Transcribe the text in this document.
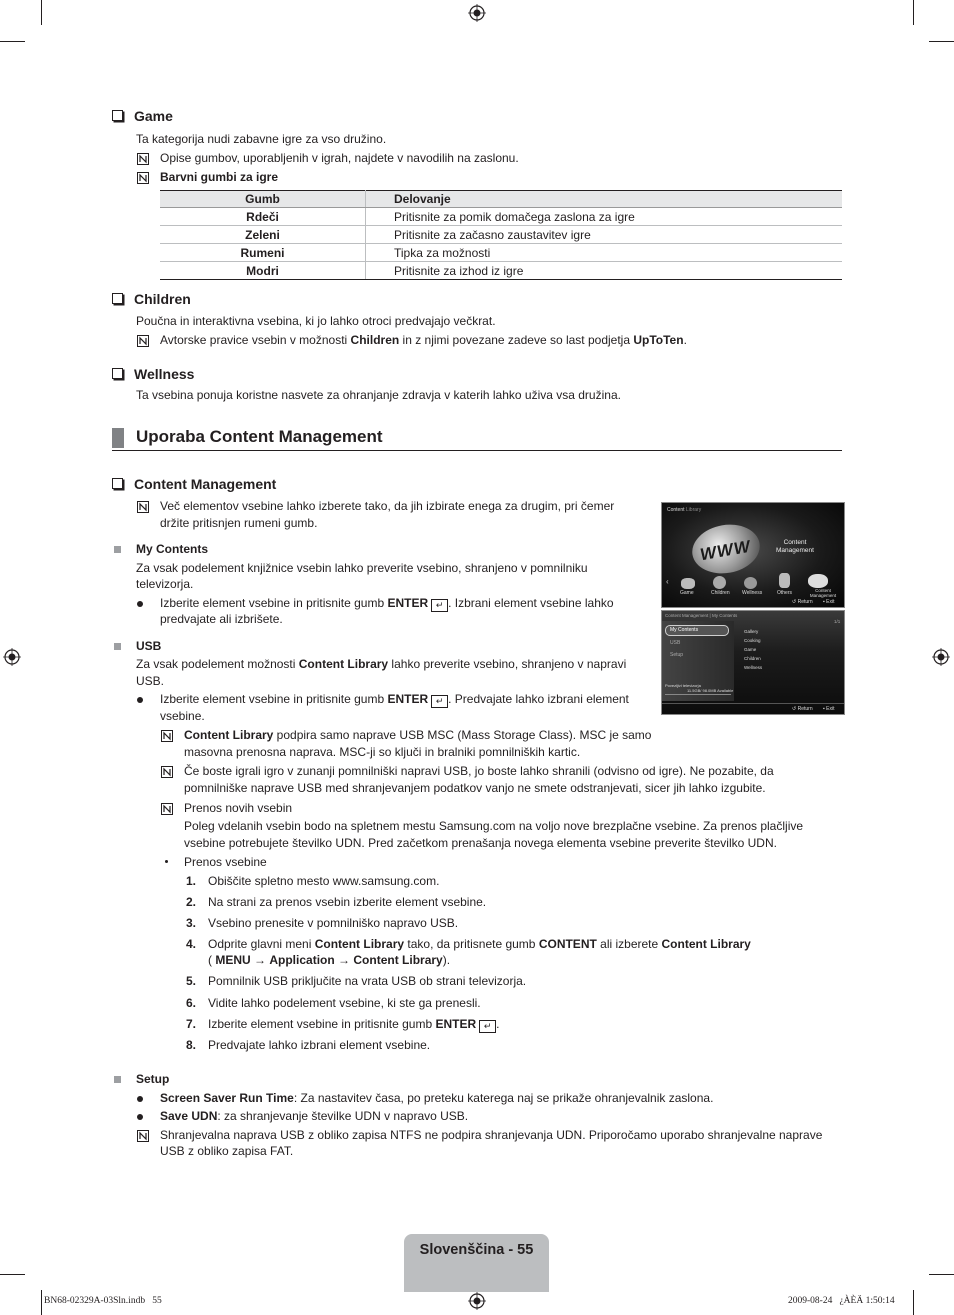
Game
Ta kategorija nudi zabavne igre za vso družino.
Opise gumbov, uporabljenih v igrah, najdete v navodilih na zaslonu.
Barvni gumbi za igre
Gumb	Delovanje
Rdeči	Pritisnite za pomik domačega zaslona za igre
Zeleni	Pritisnite za začasno zaustavitev igre
Rumeni	Tipka za možnosti
Modri	Pritisnite za izhod iz igre
Children
Poučna in interaktivna vsebina, ki jo lahko otroci predvajajo večkrat.
Avtorske pravice vsebin v možnosti Children in z njimi povezane zadeve so last podjetja UpToTen.
Wellness
Ta vsebina ponuja koristne nasvete za ohranjanje zdravja v katerih lahko uživa vsa družina.
Uporaba Content Management
Content Management
Več elementov vsebine lahko izberete tako, da jih izbirate enega za drugim, pri čemer
držite pritisnjen rumeni gumb.
My Contents
Za vsak podelement knjižnice vsebin lahko preverite vsebino, shranjeno v pomnilniku
televizorja.
Izberite element vsebine in pritisnite gumb ENTER ↵ . Izbrani element vsebine lahko
predvajate ali izbrišete.
USB
Za vsak podelement možnosti Content Library lahko preverite vsebino, shranjeno v napravi
USB.
Izberite element vsebine in pritisnite gumb ENTER ↵ . Predvajate lahko izbrani element
vsebine.
Content Library podpira samo naprave USB MSC (Mass Storage Class). MSC je samo
masovna prenosna naprava. MSC-ji so ključi in bralniki pomnilniških kartic.
Če boste igrali igro v zunanji pomnilniški napravi USB, jo boste lahko shranili (odvisno od igre). Ne pozabite, da
pomnilniške naprave USB med shranjevanjem podatkov vanjo ne smete odstranjevati, sicer jih lahko izgubite.
Prenos novih vsebin
Poleg vdelanih vsebin bodo na spletnem mestu Samsung.com na voljo nove brezplačne vsebine. Za prenos plačljive
vsebine potrebujete številko UDN. Pred začetkom prenašanja novega elementa vsebine preverite številko UDN.
Prenos vsebine
1. Obiščite spletno mesto www.samsung.com.
2. Na strani za prenos vsebin izberite element vsebine.
3. Vsebino prenesite v pomnilniško napravo USB.
4. Odprite glavni meni Content Library tako, da pritisnete gumb CONTENT ali izberete Content Library
( MENU → Application → Content Library).
5. Pomnilnik USB priključite na vrata USB ob strani televizorja.
6. Vidite lahko podelement vsebine, ki ste ga prenesli.
7. Izberite element vsebine in pritisnite gumb ENTER ↵ .
8. Predvajate lahko izbrani element vsebine.
Setup
Screen Saver Run Time: Za nastavitev časa, po preteku katerega naj se prikaže ohranjevalnik zaslona.
Save UDN: za shranjevanje številke UDN v napravo USB.
Shranjevalna naprava USB z obliko zapisa NTFS ne podpira shranjevanja UDN. Priporočamo uporabo shranjevalne naprave
USB z obliko zapisa FAT.
Content Library
WWW	Content
Management
‹
Game	Children Wellness	Others	Content Management
↺ Return ▪ Exit
Content Management | My Contents
1/1
My Contents
USB
Setup
Povezljivi televizorja
11.5GB/ 98.0MB Available
Gallery
Cooking
Game
Children
Wellness
↺ Return ▪ Exit
Slovenščina - 55
BN68-02329A-03Sln.indb   55	2009-08-24   ¿ÀÈÄ 1:50:14
